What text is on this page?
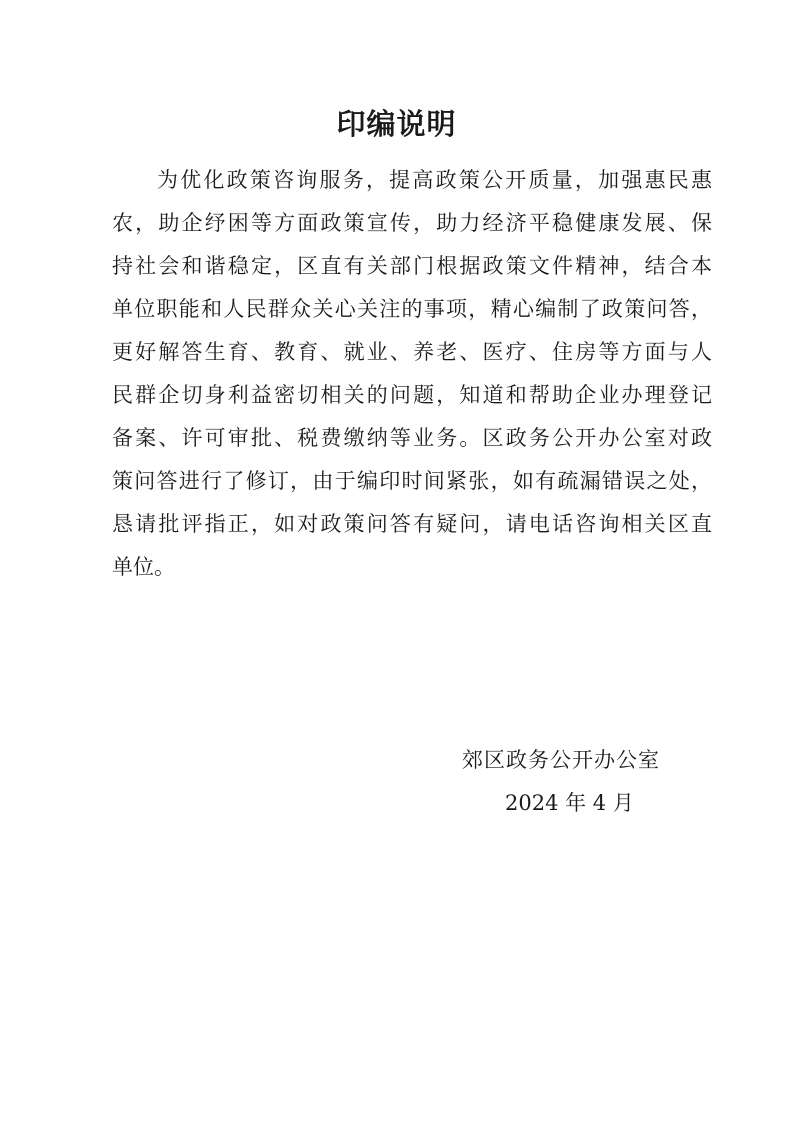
印编说明

为优化政策咨询服务，提高政策公开质量，加强惠民惠

农，助企纾困等方面政策宣传，助力经济平稳健康发展、保

持社会和谐稳定，区直有关部门根据政策文件精神，结合本

单位职能和人民群众关心关注的事项，精心编制了政策问答，

更好解答生育、教育、就业、养老、医疗、住房等方面与人

民群企切身利益密切相关的问题，知道和帮助企业办理登记

备案、许可审批、税费缴纳等业务。区政务公开办公室对政

策问答进行了修订，由于编印时间紧张，如有疏漏错误之处，

恳请批评指正，如对政策问答有疑问，请电话咨询相关区直

单位。

郊区政务公开办公室

2024 年 4 月
